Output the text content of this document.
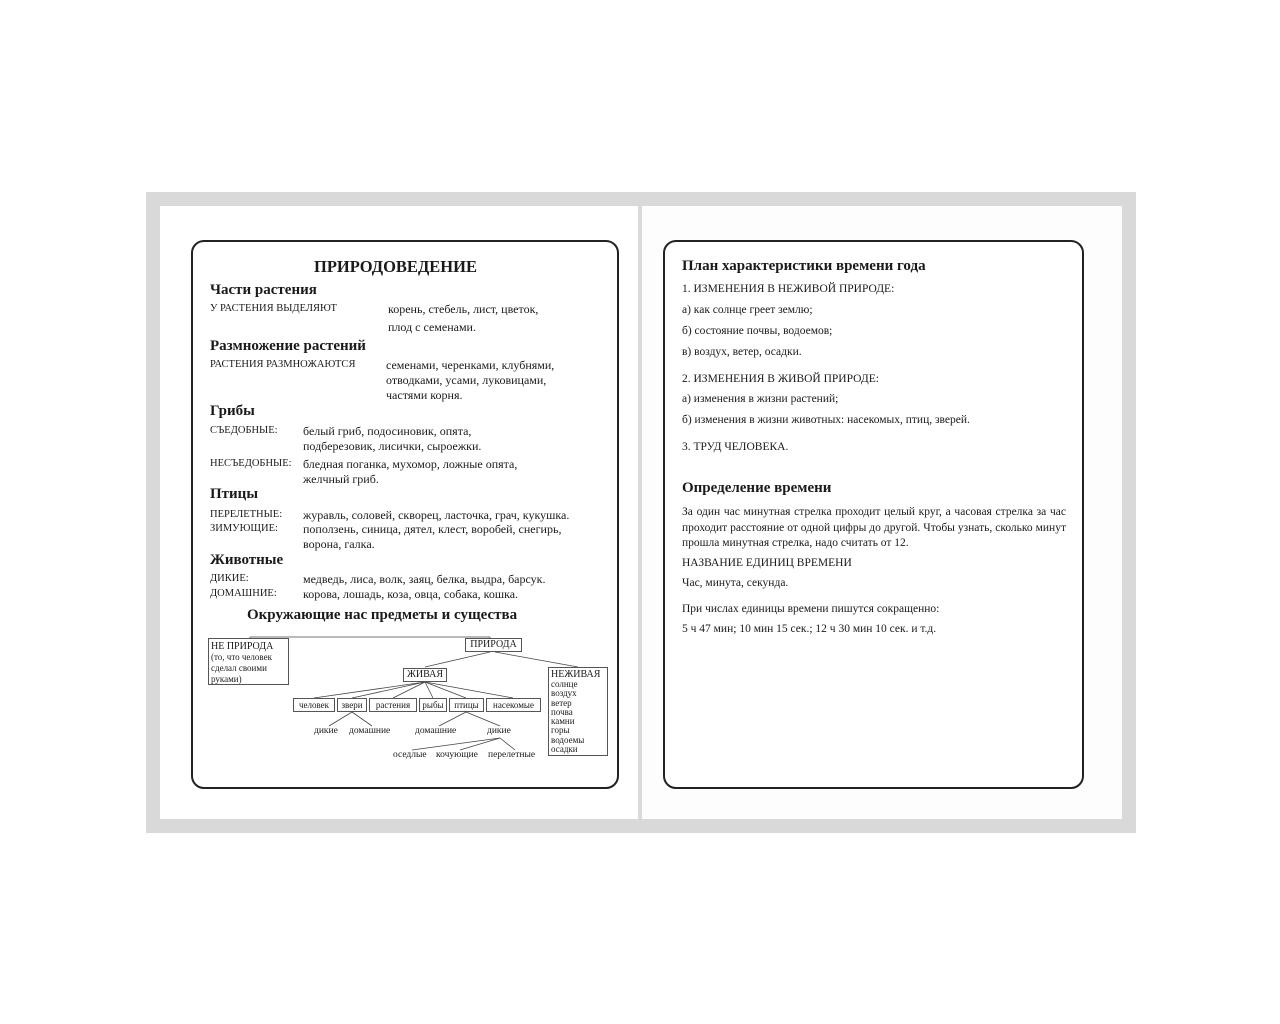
ПРИРОДОВЕДЕНИЕ
Части растения
У РАСТЕНИЯ ВЫДЕЛЯЮТ	корень, стебель, лист, цветок,
плод с семенами.
Размножение растений
РАСТЕНИЯ РАЗМНОЖАЮТСЯ	семенами, черенками, клубнями,
отводками, усами, луковицами,
частями корня.
Грибы
СЪЕДОБНЫЕ: белый гриб, подосиновик, опята,
подберезовик, лисички, сыроежки.
НЕСЪЕДОБНЫЕ: бледная поганка, мухомор, ложные опята,
желчный гриб.
Птицы
ПЕРЕЛЕТНЫЕ: журавль, соловей, скворец, ласточка, грач, кукушка.
ЗИМУЮЩИЕ: поползень, синица, дятел, клест, воробей, снегирь,
ворона, галка.
Животные
ДИКИЕ:	медведь, лиса, волк, заяц, белка, выдра, барсук.
ДОМАШНИЕ: корова, лошадь, коза, овца, собака, кошка.
Окружающие нас предметы и существа
НЕ ПРИРОДА
(то, что человек
сделал своими
руками)
ПРИРОДА
ЖИВАЯ	НЕЖИВАЯ
солнце
воздух
ветер
почва
камни
горы
водоемы
осадки
человек	звери	растения	рыбы	птицы	насекомые
дикие домашние	домашние	дикие
оседлые кочующие перелетные
План характеристики времени года
1. ИЗМЕНЕНИЯ В НЕЖИВОЙ ПРИРОДЕ:
а) как солнце греет землю;
б) состояние почвы, водоемов;
в) воздух, ветер, осадки.
2. ИЗМЕНЕНИЯ В ЖИВОЙ ПРИРОДЕ:
а) изменения в жизни растений;
б) изменения в жизни животных: насекомых, птиц, зверей.
3. ТРУД ЧЕЛОВЕКА.
Определение времени
За один час минутная стрелка проходит целый круг, а часовая стрелка за час проходит расстояние от одной цифры до другой. Чтобы узнать, сколько минут прошла минутная стрелка, надо считать от 12.
НАЗВАНИЕ ЕДИНИЦ ВРЕМЕНИ
Час, минута, секунда.
При числах единицы времени пишутся сокращенно:
5 ч 47 мин; 10 мин 15 сек.; 12 ч 30 мин 10 сек. и т.д.
